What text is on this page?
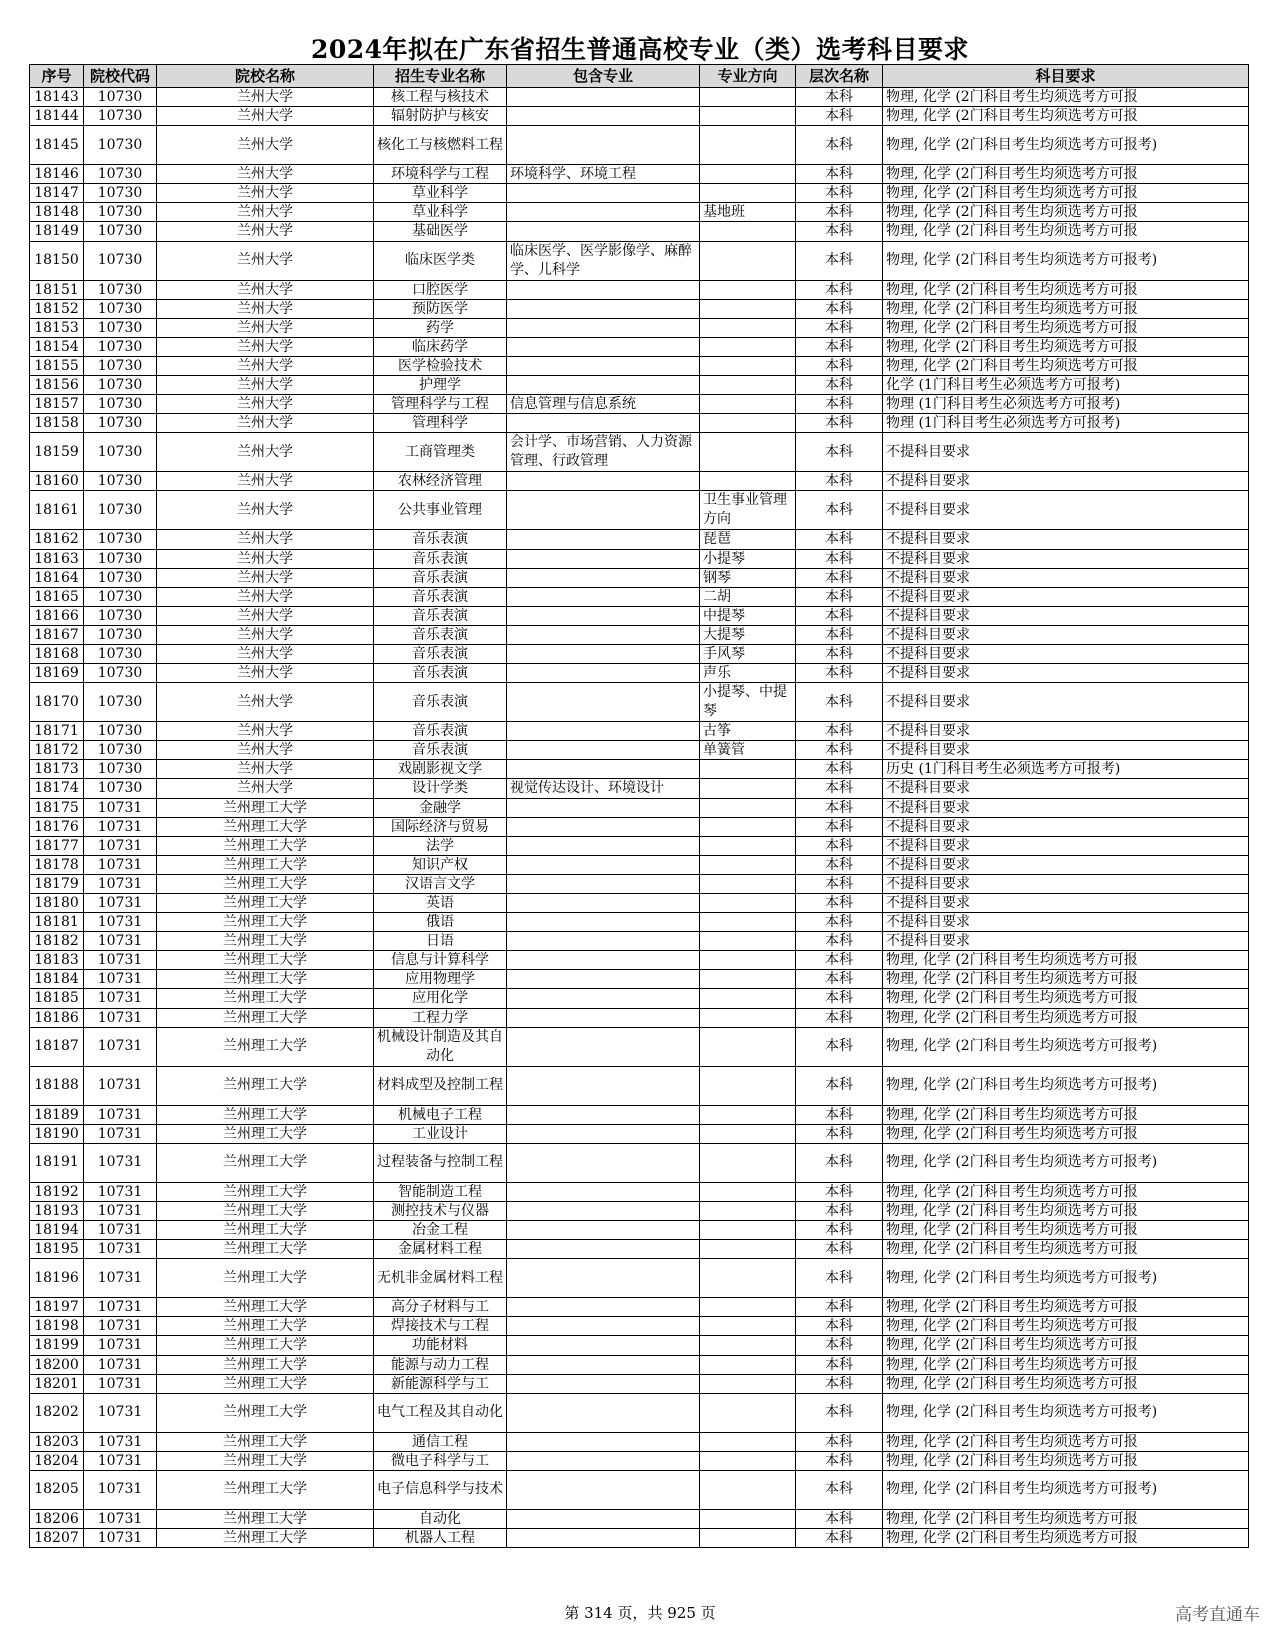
2024年拟在广东省招生普通高校专业（类）选考科目要求
序号	院校代码	院校名称	招生专业名称	包含专业	专业方向	层次名称	科目要求
18143	10730	兰州大学	核工程与核技术			本科	物理, 化学 (2门科目考生均须选考方可报
18144	10730	兰州大学	辐射防护与核安			本科	物理, 化学 (2门科目考生均须选考方可报
18145	10730	兰州大学	核化工与核燃料工程			本科	物理, 化学 (2门科目考生均须选考方可报考)
18146	10730	兰州大学	环境科学与工程	环境科学、环境工程		本科	物理, 化学 (2门科目考生均须选考方可报
18147	10730	兰州大学	草业科学			本科	物理, 化学 (2门科目考生均须选考方可报
18148	10730	兰州大学	草业科学		基地班	本科	物理, 化学 (2门科目考生均须选考方可报
18149	10730	兰州大学	基础医学			本科	物理, 化学 (2门科目考生均须选考方可报
18150	10730	兰州大学	临床医学类	临床医学、医学影像学、麻醉学、儿科学		本科	物理, 化学 (2门科目考生均须选考方可报考)
18151	10730	兰州大学	口腔医学			本科	物理, 化学 (2门科目考生均须选考方可报
18152	10730	兰州大学	预防医学			本科	物理, 化学 (2门科目考生均须选考方可报
18153	10730	兰州大学	药学			本科	物理, 化学 (2门科目考生均须选考方可报
18154	10730	兰州大学	临床药学			本科	物理, 化学 (2门科目考生均须选考方可报
18155	10730	兰州大学	医学检验技术			本科	物理, 化学 (2门科目考生均须选考方可报
18156	10730	兰州大学	护理学			本科	化学 (1门科目考生必须选考方可报考)
18157	10730	兰州大学	管理科学与工程	信息管理与信息系统		本科	物理 (1门科目考生必须选考方可报考)
18158	10730	兰州大学	管理科学			本科	物理 (1门科目考生必须选考方可报考)
18159	10730	兰州大学	工商管理类	会计学、市场营销、人力资源管理、行政管理		本科	不提科目要求
18160	10730	兰州大学	农林经济管理			本科	不提科目要求
18161	10730	兰州大学	公共事业管理		卫生事业管理方向	本科	不提科目要求
18162	10730	兰州大学	音乐表演		琵琶	本科	不提科目要求
18163	10730	兰州大学	音乐表演		小提琴	本科	不提科目要求
18164	10730	兰州大学	音乐表演		钢琴	本科	不提科目要求
18165	10730	兰州大学	音乐表演		二胡	本科	不提科目要求
18166	10730	兰州大学	音乐表演		中提琴	本科	不提科目要求
18167	10730	兰州大学	音乐表演		大提琴	本科	不提科目要求
18168	10730	兰州大学	音乐表演		手风琴	本科	不提科目要求
18169	10730	兰州大学	音乐表演		声乐	本科	不提科目要求
18170	10730	兰州大学	音乐表演		小提琴、中提琴	本科	不提科目要求
18171	10730	兰州大学	音乐表演		古筝	本科	不提科目要求
18172	10730	兰州大学	音乐表演		单簧管	本科	不提科目要求
18173	10730	兰州大学	戏剧影视文学			本科	历史 (1门科目考生必须选考方可报考)
18174	10730	兰州大学	设计学类	视觉传达设计、环境设计		本科	不提科目要求
18175	10731	兰州理工大学	金融学			本科	不提科目要求
18176	10731	兰州理工大学	国际经济与贸易			本科	不提科目要求
18177	10731	兰州理工大学	法学			本科	不提科目要求
18178	10731	兰州理工大学	知识产权			本科	不提科目要求
18179	10731	兰州理工大学	汉语言文学			本科	不提科目要求
18180	10731	兰州理工大学	英语			本科	不提科目要求
18181	10731	兰州理工大学	俄语			本科	不提科目要求
18182	10731	兰州理工大学	日语			本科	不提科目要求
18183	10731	兰州理工大学	信息与计算科学			本科	物理, 化学 (2门科目考生均须选考方可报
18184	10731	兰州理工大学	应用物理学			本科	物理, 化学 (2门科目考生均须选考方可报
18185	10731	兰州理工大学	应用化学			本科	物理, 化学 (2门科目考生均须选考方可报
18186	10731	兰州理工大学	工程力学			本科	物理, 化学 (2门科目考生均须选考方可报
18187	10731	兰州理工大学	机械设计制造及其自动化			本科	物理, 化学 (2门科目考生均须选考方可报考)
18188	10731	兰州理工大学	材料成型及控制工程			本科	物理, 化学 (2门科目考生均须选考方可报考)
18189	10731	兰州理工大学	机械电子工程			本科	物理, 化学 (2门科目考生均须选考方可报
18190	10731	兰州理工大学	工业设计			本科	物理, 化学 (2门科目考生均须选考方可报
18191	10731	兰州理工大学	过程装备与控制工程			本科	物理, 化学 (2门科目考生均须选考方可报考)
18192	10731	兰州理工大学	智能制造工程			本科	物理, 化学 (2门科目考生均须选考方可报
18193	10731	兰州理工大学	测控技术与仪器			本科	物理, 化学 (2门科目考生均须选考方可报
18194	10731	兰州理工大学	冶金工程			本科	物理, 化学 (2门科目考生均须选考方可报
18195	10731	兰州理工大学	金属材料工程			本科	物理, 化学 (2门科目考生均须选考方可报
18196	10731	兰州理工大学	无机非金属材料工程			本科	物理, 化学 (2门科目考生均须选考方可报考)
18197	10731	兰州理工大学	高分子材料与工			本科	物理, 化学 (2门科目考生均须选考方可报
18198	10731	兰州理工大学	焊接技术与工程			本科	物理, 化学 (2门科目考生均须选考方可报
18199	10731	兰州理工大学	功能材料			本科	物理, 化学 (2门科目考生均须选考方可报
18200	10731	兰州理工大学	能源与动力工程			本科	物理, 化学 (2门科目考生均须选考方可报
18201	10731	兰州理工大学	新能源科学与工			本科	物理, 化学 (2门科目考生均须选考方可报
18202	10731	兰州理工大学	电气工程及其自动化			本科	物理, 化学 (2门科目考生均须选考方可报考)
18203	10731	兰州理工大学	通信工程			本科	物理, 化学 (2门科目考生均须选考方可报
18204	10731	兰州理工大学	微电子科学与工			本科	物理, 化学 (2门科目考生均须选考方可报
18205	10731	兰州理工大学	电子信息科学与技术			本科	物理, 化学 (2门科目考生均须选考方可报考)
18206	10731	兰州理工大学	自动化			本科	物理, 化学 (2门科目考生均须选考方可报
18207	10731	兰州理工大学	机器人工程			本科	物理, 化学 (2门科目考生均须选考方可报
第 314 页，共 925 页	高考直通车
